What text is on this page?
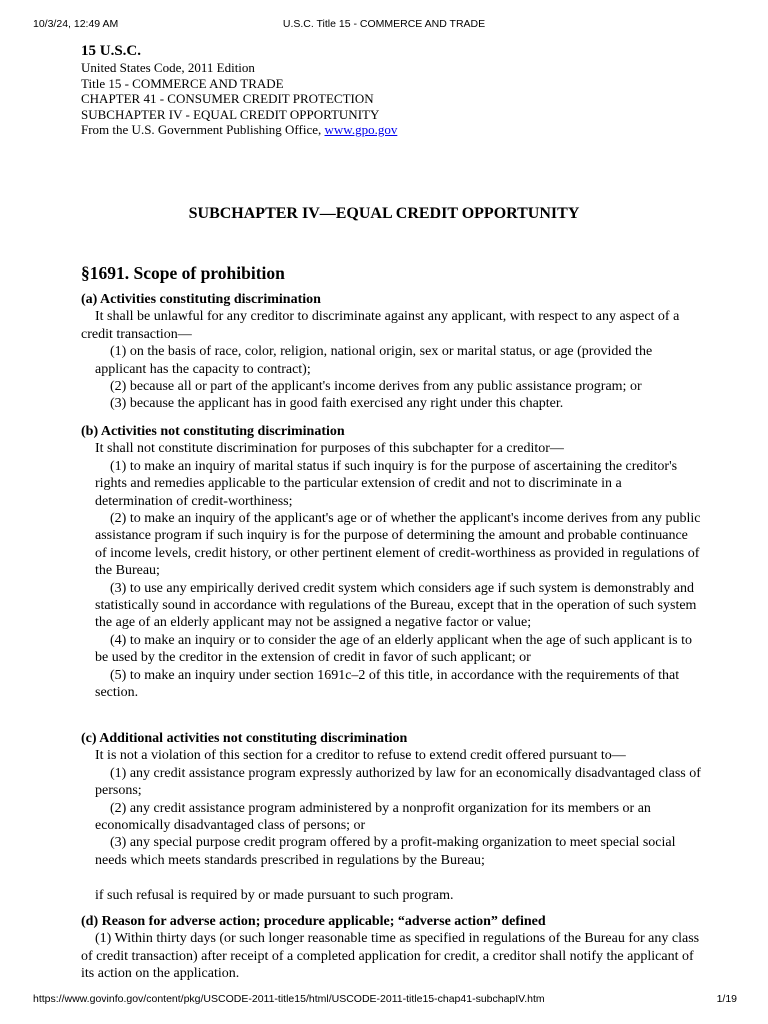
10/3/24, 12:49 AM	U.S.C. Title 15 - COMMERCE AND TRADE
15 U.S.C.
United States Code, 2011 Edition
Title 15 - COMMERCE AND TRADE
CHAPTER 41 - CONSUMER CREDIT PROTECTION
SUBCHAPTER IV - EQUAL CREDIT OPPORTUNITY
From the U.S. Government Publishing Office, www.gpo.gov
SUBCHAPTER IV—EQUAL CREDIT OPPORTUNITY
§1691. Scope of prohibition
(a) Activities constituting discrimination
It shall be unlawful for any creditor to discriminate against any applicant, with respect to any aspect of a credit transaction—
(1) on the basis of race, color, religion, national origin, sex or marital status, or age (provided the applicant has the capacity to contract);
(2) because all or part of the applicant's income derives from any public assistance program; or
(3) because the applicant has in good faith exercised any right under this chapter.
(b) Activities not constituting discrimination
It shall not constitute discrimination for purposes of this subchapter for a creditor—
(1) to make an inquiry of marital status if such inquiry is for the purpose of ascertaining the creditor's rights and remedies applicable to the particular extension of credit and not to discriminate in a determination of credit-worthiness;
(2) to make an inquiry of the applicant's age or of whether the applicant's income derives from any public assistance program if such inquiry is for the purpose of determining the amount and probable continuance of income levels, credit history, or other pertinent element of credit-worthiness as provided in regulations of the Bureau;
(3) to use any empirically derived credit system which considers age if such system is demonstrably and statistically sound in accordance with regulations of the Bureau, except that in the operation of such system the age of an elderly applicant may not be assigned a negative factor or value;
(4) to make an inquiry or to consider the age of an elderly applicant when the age of such applicant is to be used by the creditor in the extension of credit in favor of such applicant; or
(5) to make an inquiry under section 1691c–2 of this title, in accordance with the requirements of that section.
(c) Additional activities not constituting discrimination
It is not a violation of this section for a creditor to refuse to extend credit offered pursuant to—
(1) any credit assistance program expressly authorized by law for an economically disadvantaged class of persons;
(2) any credit assistance program administered by a nonprofit organization for its members or an economically disadvantaged class of persons; or
(3) any special purpose credit program offered by a profit-making organization to meet special social needs which meets standards prescribed in regulations by the Bureau;
if such refusal is required by or made pursuant to such program.
(d) Reason for adverse action; procedure applicable; “adverse action” defined
(1) Within thirty days (or such longer reasonable time as specified in regulations of the Bureau for any class of credit transaction) after receipt of a completed application for credit, a creditor shall notify the applicant of its action on the application.
https://www.govinfo.gov/content/pkg/USCODE-2011-title15/html/USCODE-2011-title15-chap41-subchapIV.htm	1/19
